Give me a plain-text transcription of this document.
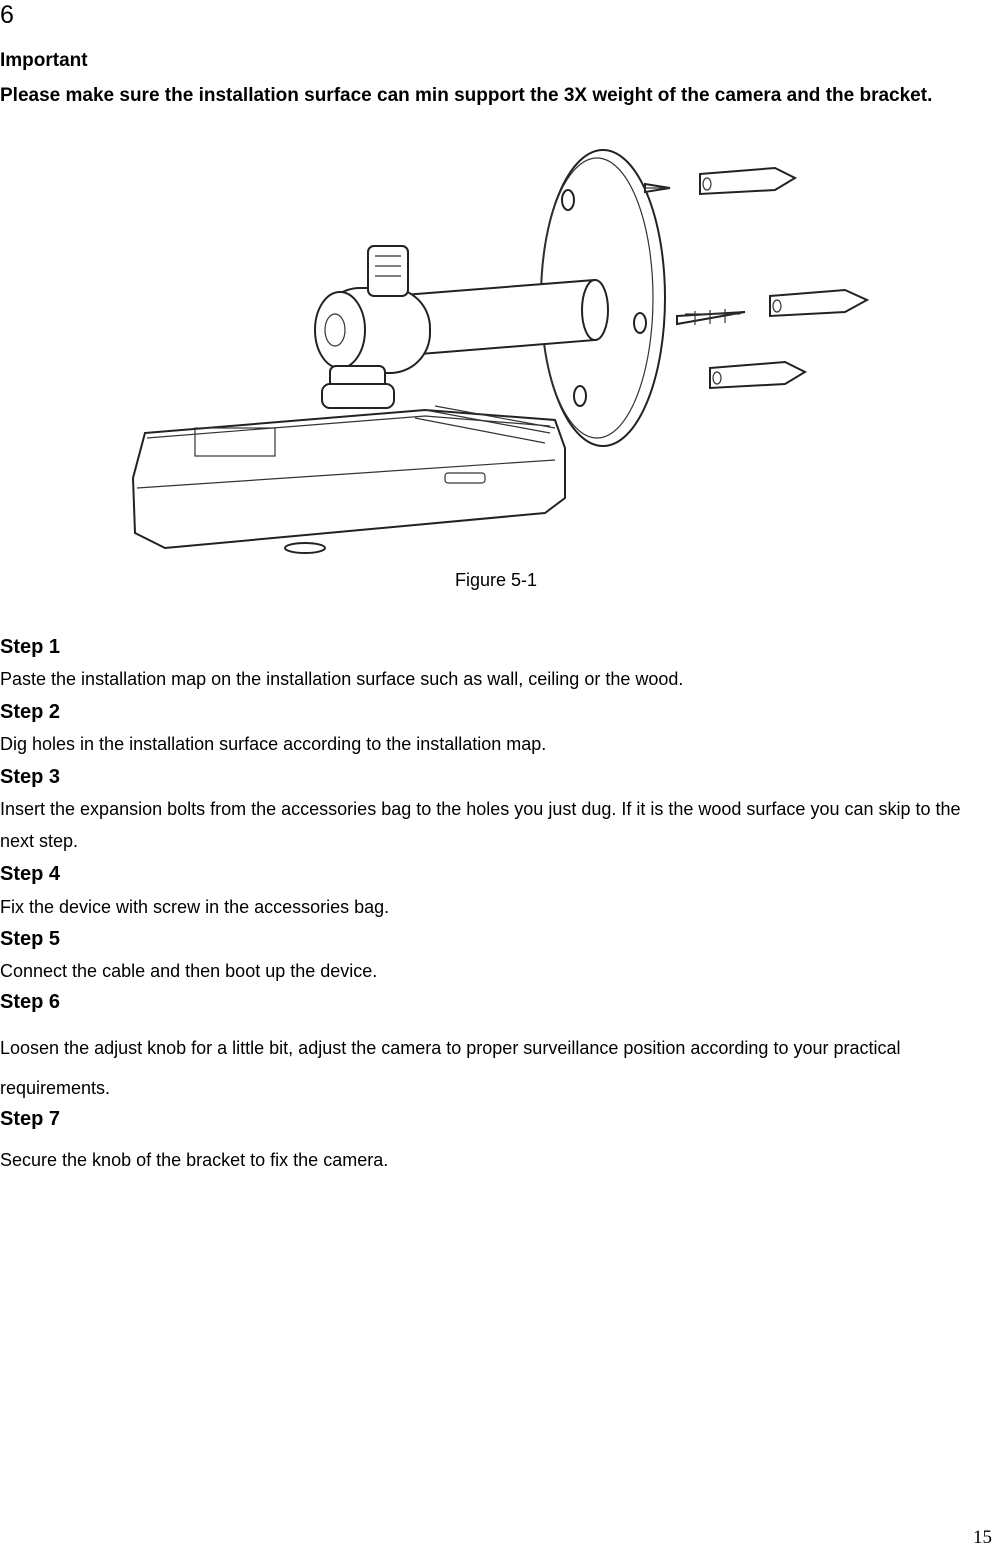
6
Important
Please make sure the installation surface can min support the 3X weight of the camera and the bracket.
Figure 5-1
Step 1
Paste the installation map on the installation surface such as wall, ceiling or the wood.
Step 2
Dig holes in the installation surface according to the installation map.
Step 3
Insert the expansion bolts from the accessories bag to the holes you just dug. If it is the wood surface you can skip to the next step.
Step 4
Fix the device with screw in the accessories bag.
Step 5
Connect the cable and then boot up the device.
Step 6
Loosen the adjust knob for a little bit, adjust the camera to proper surveillance position according to your practical requirements.
Step 7
Secure the knob of the bracket to fix the camera.
15
